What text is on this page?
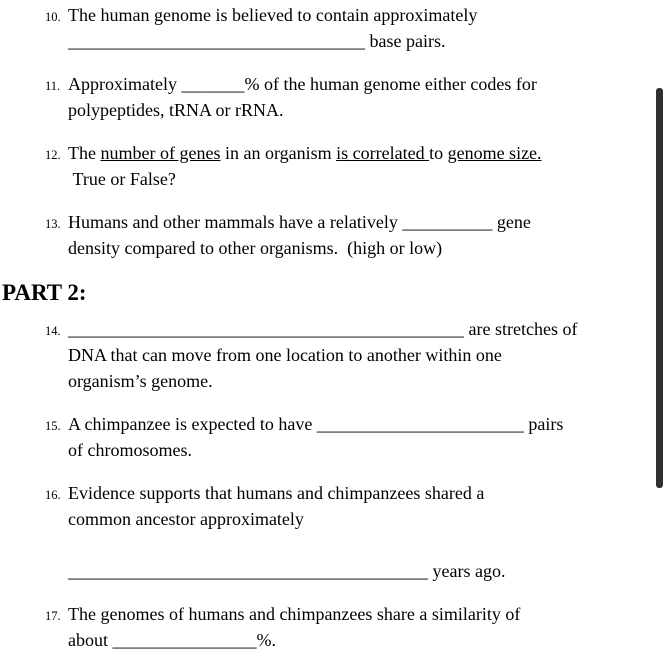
10. The human genome is believed to contain approximately
_________________________________ base pairs.
11. Approximately _______% of the human genome either codes for
polypeptides, tRNA or rRNA.
12. The number of genes in an organism is correlated to genome size.
True or False?
13. Humans and other mammals have a relatively __________ gene
density compared to other organisms.  (high or low)
PART 2:
14. ____________________________________________ are stretches of
DNA that can move from one location to another within one
organism’s genome.
15. A chimpanzee is expected to have _______________________ pairs
of chromosomes.
16. Evidence supports that humans and chimpanzees shared a
common ancestor approximately

________________________________________ years ago.
17. The genomes of humans and chimpanzees share a similarity of
about ________________%.
